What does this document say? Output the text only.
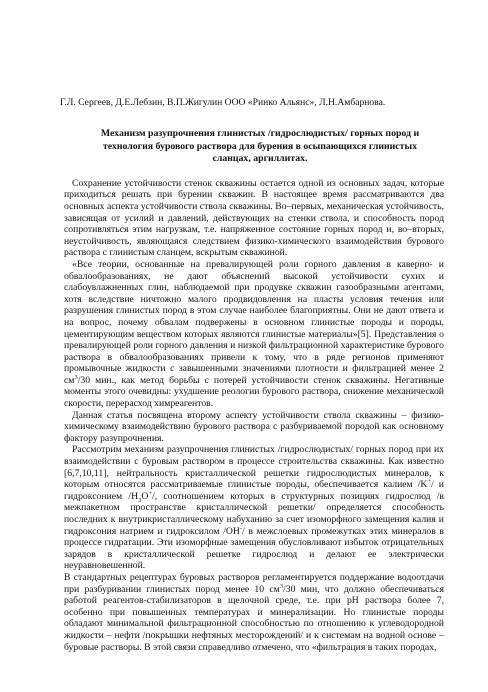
Г.Л. Сергеев, Д.Е.Лебзин, В.П.Жигулин ООО «Ринко Альянс», Л.Н.Амбарнова.
Механизм разупрочнения глинистых /гидрослюдистых/ горных пород и технология бурового раствора для бурения в осыпающихся глинистых сланцах, аргиллитах.

Сохранение устойчивости стенок скважины остается одной из основных задач, которые приходиться решать при бурении скважин. В настоящее время рассматриваются два основных аспекта устойчивости ствола скважины. Во–первых, механическая устойчивость, зависящая от усилий и давлений, действующих на стенки ствола, и способность пород сопротивляться этим нагрузкам, т.е. напряженное состояние горных пород и, во–вторых, неустойчивость, являющаяся следствием физико-химического взаимодействия бурового раствора с глинистым сланцем, вскрытым скважиной.

«Все теории, основанные на превалирующей роли горного давления в каверно- и обвалообразованиях, не дают объяснений высокой устойчивости сухих и слабоувлажненных глин, наблюдаемой при продувке скважин газообразными агентами, хотя вследствие ничтожно малого продвидовления на пласты условия течения или разрушения глинистых пород в этом случае наиболее благоприятны. Они не дают ответа и на вопрос, почему обвалам подвержены в основном глинистые породы и породы, цементирующим веществом которых являются глинистые материалы»[5]. Представления о превалирующей роли горного давления и низкой фильтрационной характеристике бурового раствора в обвалообразованиях привели к тому, что в ряде регионов применяют промывочные жидкости с завышенными значениями плотности и фильтрацией менее 2 $см^3/30$ мин., как метод борьбы с потерей устойчивости стенок скважины. Негативные моменты этого очевидны: ухудшение реологии бурового раствора, снижение механической скорости, перерасход химреагентов.

Данная статья посвящена второму аспекту устойчивости ствола скважины – физико-химическому взаимодействию бурового раствора с разбуриваемой породой как основному фактору разупрочнения.

Рассмотрим механизм разупрочнения глинистых /гидрослюдистых/ горных пород при их взаимодействии с буровым раствором в процессе строительства скважины. Как известно [6,7,10,11], нейтральность кристаллической решетки гидрослюдистых минералов, к которым относятся рассматриваемые глинистые породы, обеспечивается калием /K+/ и гидроксонием $/H_3O^+/$, соотношением которых в структурных позициях гидрослюд /в межпакетном пространстве кристаллической решетки/ определяется способность последних к внутрикристаллическому набуханию за счет изоморфного замещения калия и гидроксония натрием и гидроксилом /OH-/ в межслоевых промежутках этих минералов в процессе гидратации. Эти изоморфные замещения обусловливают избыток отрицательных зарядов в кристаллической решетке гидрослюд и делают ее электрически неуравновешенной.

В стандартных рецептурах буровых растворов регламентируется поддержание водоотдачи при разбуривании глинистых пород менее 10 $см^3/30$ мин, что должно обеспечиваться работой реагентов-стабилизаторов в щелочной среде, т.е. при pH раствора более 7, особенно при повышенных температурах и минерализации. Но глинистые породы обладают минимальной фильтрационной способностью по отношению к углеводородной жидкости – нефти /покрышки нефтяных месторождений/ и к системам на водной основе – буровые растворы. В этой связи справедливо отмечено, что «фильтрация в таких породах,
